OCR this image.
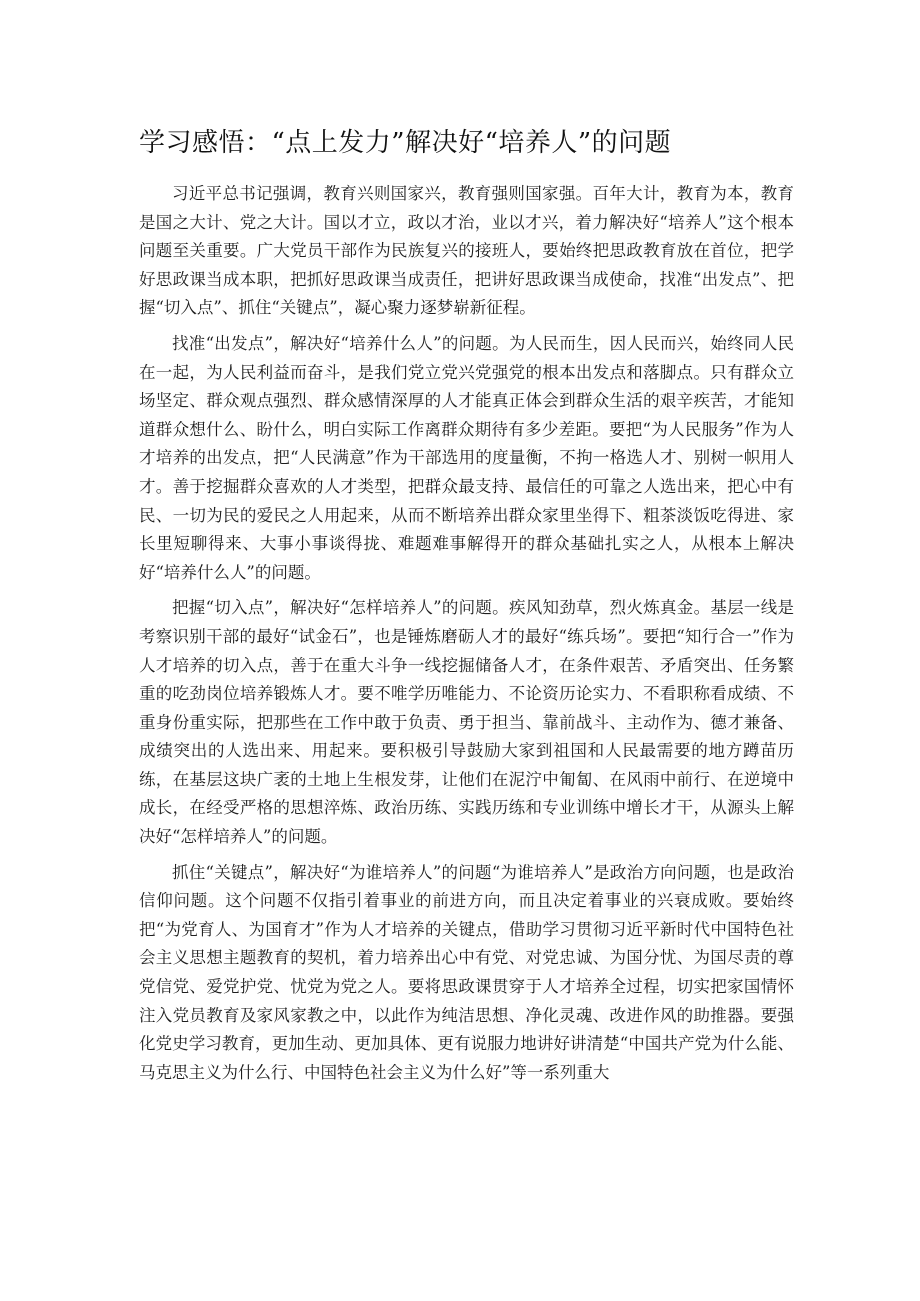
学习感悟：“点上发力”解决好“培养人”的问题

习近平总书记强调，教育兴则国家兴，教育强则国家强。百年大计，教育为本，教育是国之大计、党之大计。国以才立，政以才治，业以才兴，着力解决好“培养人”这个根本问题至关重要。广大党员干部作为民族复兴的接班人，要始终把思政教育放在首位，把学好思政课当成本职，把抓好思政课当成责任，把讲好思政课当成使命，找准“出发点”、把握“切入点”、抓住“关键点”，凝心聚力逐梦崭新征程。

找准“出发点”，解决好“培养什么人”的问题。为人民而生，因人民而兴，始终同人民在一起，为人民利益而奋斗，是我们党立党兴党强党的根本出发点和落脚点。只有群众立场坚定、群众观点强烈、群众感情深厚的人才能真正体会到群众生活的艰辛疾苦，才能知道群众想什么、盼什么，明白实际工作离群众期待有多少差距。要把“为人民服务”作为人才培养的出发点，把“人民满意”作为干部选用的度量衡，不拘一格选人才、别树一帜用人才。善于挖掘群众喜欢的人才类型，把群众最支持、最信任的可靠之人选出来，把心中有民、一切为民的爱民之人用起来，从而不断培养出群众家里坐得下、粗茶淡饭吃得进、家长里短聊得来、大事小事谈得拢、难题难事解得开的群众基础扎实之人，从根本上解决好“培养什么人”的问题。

把握“切入点”，解决好“怎样培养人”的问题。疾风知劲草，烈火炼真金。基层一线是考察识别干部的最好“试金石”，也是锤炼磨砺人才的最好“练兵场”。要把“知行合一”作为人才培养的切入点，善于在重大斗争一线挖掘储备人才，在条件艰苦、矛盾突出、任务繁重的吃劲岗位培养锻炼人才。要不唯学历唯能力、不论资历论实力、不看职称看成绩、不重身份重实际，把那些在工作中敢于负责、勇于担当、靠前战斗、主动作为、德才兼备、成绩突出的人选出来、用起来。要积极引导鼓励大家到祖国和人民最需要的地方蹲苗历练，在基层这块广袤的土地上生根发芽，让他们在泥泞中匍匐、在风雨中前行、在逆境中成长，在经受严格的思想淬炼、政治历练、实践历练和专业训练中增长才干，从源头上解决好“怎样培养人”的问题。

抓住“关键点”，解决好“为谁培养人”的问题“为谁培养人”是政治方向问题，也是政治信仰问题。这个问题不仅指引着事业的前进方向，而且决定着事业的兴衰成败。要始终把“为党育人、为国育才”作为人才培养的关键点，借助学习贯彻习近平新时代中国特色社会主义思想主题教育的契机，着力培养出心中有党、对党忠诚、为国分忧、为国尽责的尊党信党、爱党护党、忧党为党之人。要将思政课贯穿于人才培养全过程，切实把家国情怀注入党员教育及家风家教之中，以此作为纯洁思想、净化灵魂、改进作风的助推器。要强化党史学习教育，更加生动、更加具体、更有说服力地讲好讲清楚“中国共产党为什么能、马克思主义为什么行、中国特色社会主义为什么好”等一系列重大
